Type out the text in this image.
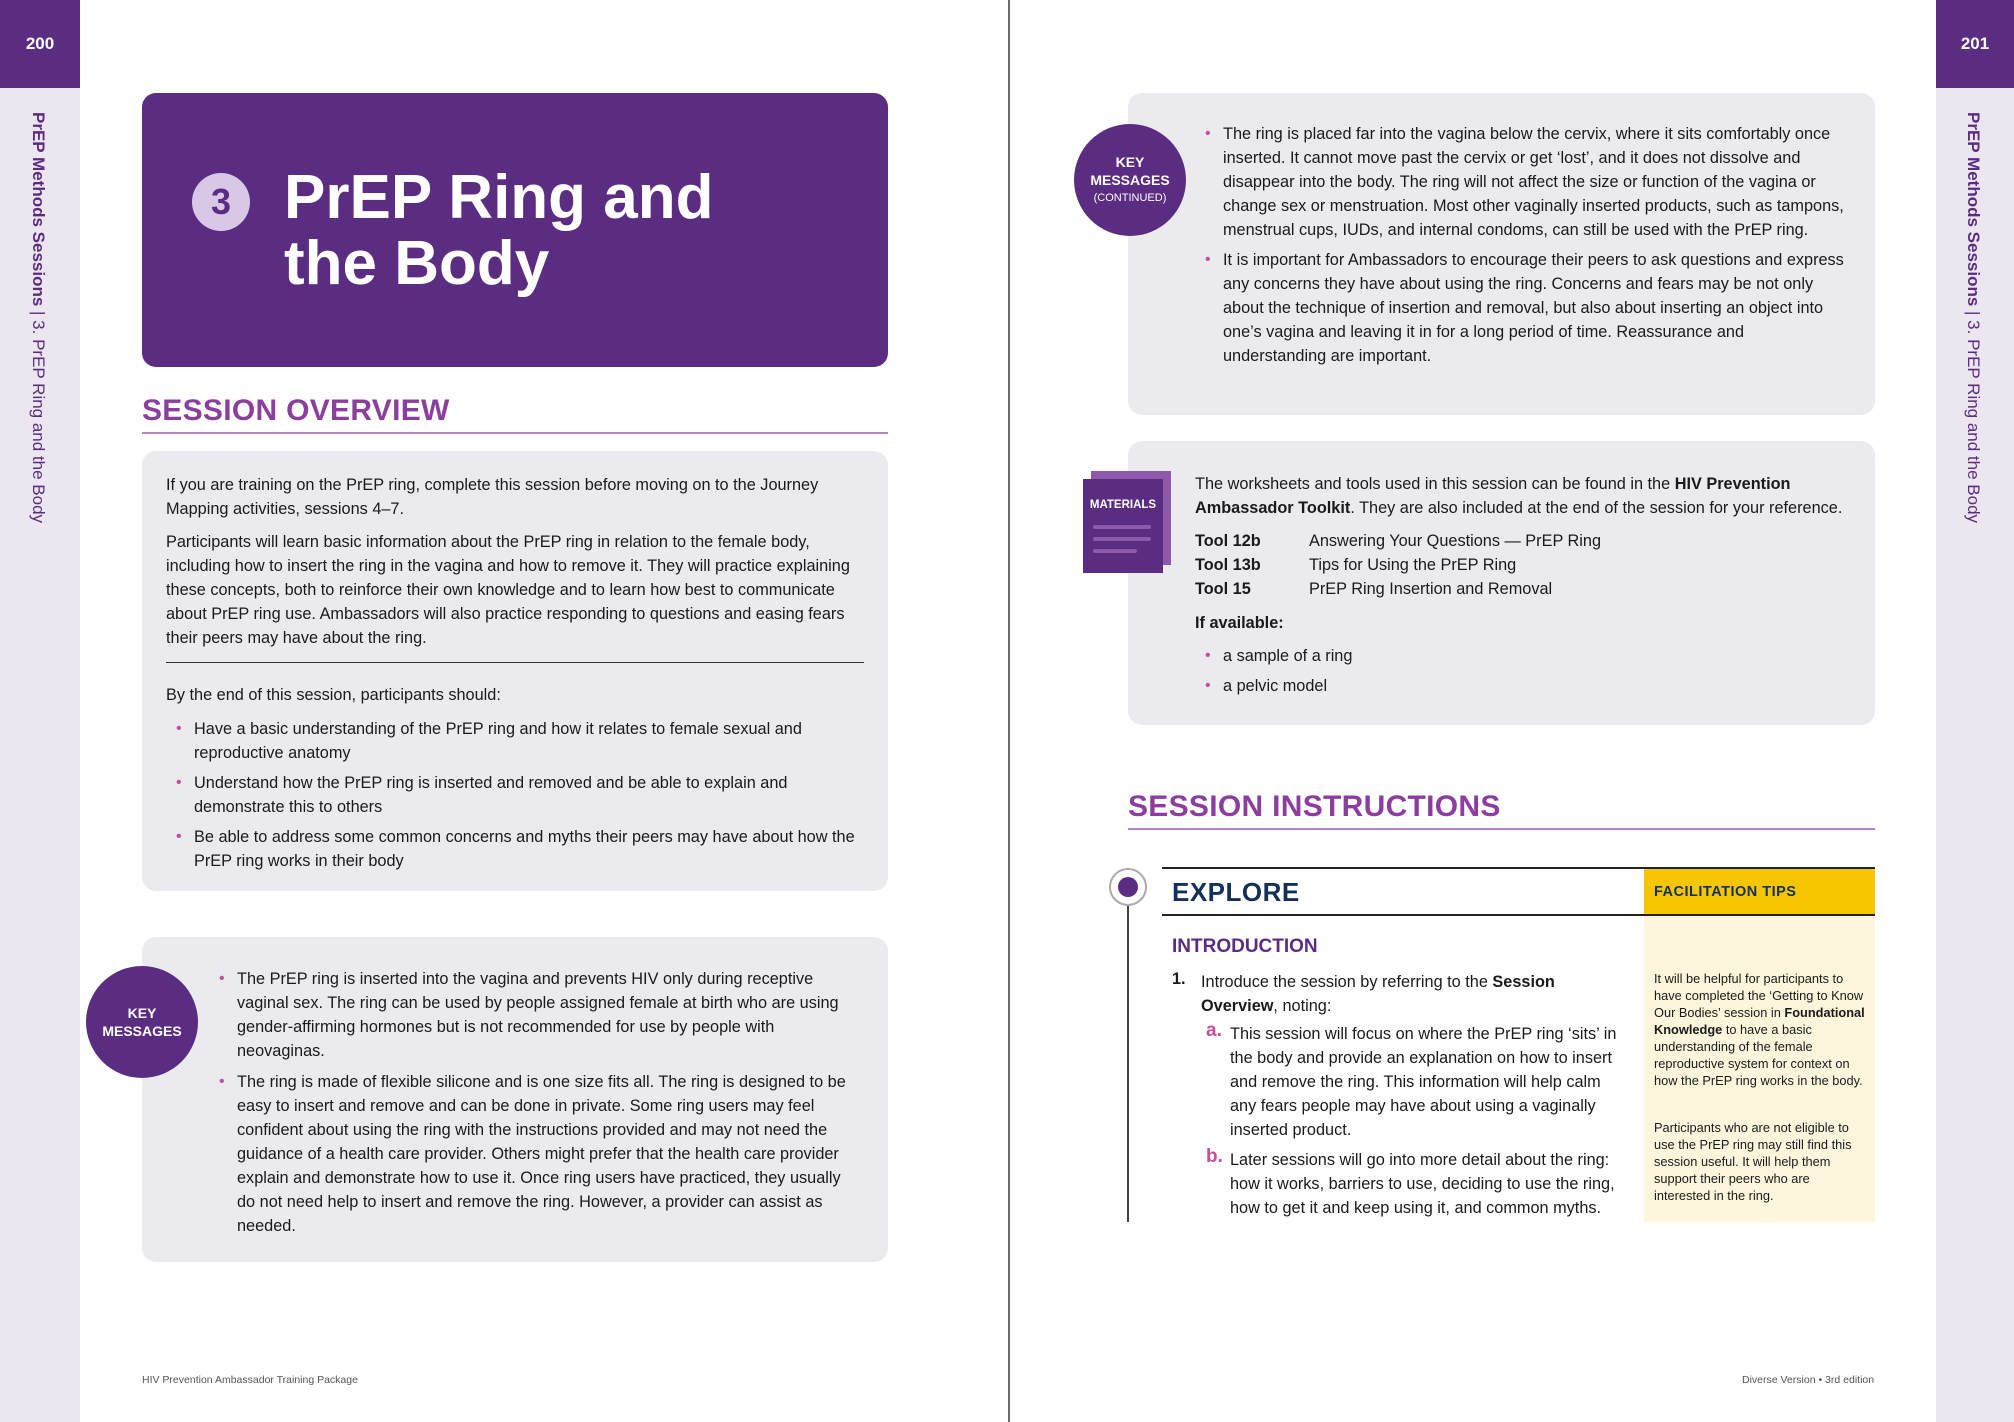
200
PrEP Methods Sessions | 3. PrEP Ring and the Body
201
PrEP Methods Sessions | 3. PrEP Ring and the Body
3 PrEP Ring and
the Body
SESSION OVERVIEW
If you are training on the PrEP ring, complete this session before moving on to the Journey Mapping activities, sessions 4–7.
Participants will learn basic information about the PrEP ring in relation to the female body, including how to insert the ring in the vagina and how to remove it. They will practice explaining these concepts, both to reinforce their own knowledge and to learn how best to communicate about PrEP ring use. Ambassadors will also practice responding to questions and easing fears their peers may have about the ring.
By the end of this session, participants should:
• Have a basic understanding of the PrEP ring and how it relates to female sexual and reproductive anatomy
• Understand how the PrEP ring is inserted and removed and be able to explain and demonstrate this to others
• Be able to address some common concerns and myths their peers may have about how the PrEP ring works in their body
KEY
MESSAGES
• The PrEP ring is inserted into the vagina and prevents HIV only during receptive vaginal sex. The ring can be used by people assigned female at birth who are using gender-affirming hormones but is not recommended for use by people with neovaginas.
• The ring is made of flexible silicone and is one size fits all. The ring is designed to be easy to insert and remove and can be done in private. Some ring users may feel confident about using the ring with the instructions provided and may not need the guidance of a health care provider. Others might prefer that the health care provider explain and demonstrate how to use it. Once ring users have practiced, they usually do not need help to insert and remove the ring. However, a provider can assist as needed.
HIV Prevention Ambassador Training Package
KEY
MESSAGES
(CONTINUED)
• The ring is placed far into the vagina below the cervix, where it sits comfortably once inserted. It cannot move past the cervix or get ‘lost’, and it does not dissolve and disappear into the body. The ring will not affect the size or function of the vagina or change sex or menstruation. Most other vaginally inserted products, such as tampons, menstrual cups, IUDs, and internal condoms, can still be used with the PrEP ring.
• It is important for Ambassadors to encourage their peers to ask questions and express any concerns they have about using the ring. Concerns and fears may be not only about the technique of insertion and removal, but also about inserting an object into one’s vagina and leaving it in for a long period of time. Reassurance and understanding are important.
MATERIALS
The worksheets and tools used in this session can be found in the HIV Prevention Ambassador Toolkit. They are also included at the end of the session for your reference.
Tool 12b	Answering Your Questions — PrEP Ring
Tool 13b	Tips for Using the PrEP Ring
Tool 15	PrEP Ring Insertion and Removal
If available:
• a sample of a ring
• a pelvic model
SESSION INSTRUCTIONS
EXPLORE	FACILITATION TIPS
It will be helpful for participants to have completed the ‘Getting to Know Our Bodies’ session in Foundational Knowledge to have a basic understanding of the female reproductive system for context on how the PrEP ring works in the body.
Participants who are not eligible to use the PrEP ring may still find this session useful. It will help them support their peers who are interested in the ring.
INTRODUCTION
1. Introduce the session by referring to the Session Overview, noting:
a. This session will focus on where the PrEP ring ‘sits’ in the body and provide an explanation on how to insert and remove the ring. This information will help calm any fears people may have about using a vaginally inserted product.
b. Later sessions will go into more detail about the ring: how it works, barriers to use, deciding to use the ring, how to get it and keep using it, and common myths.
Diverse Version • 3rd edition
